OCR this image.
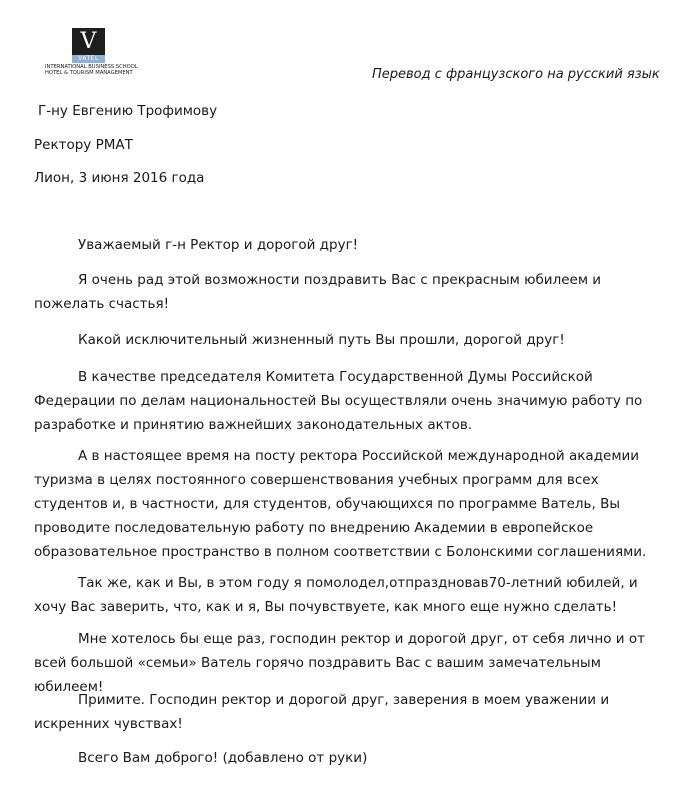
V
VATEL
INTERNATIONAL BUSINESS SCHOOL
HOTEL & TOURISM MANAGEMENT	Перевод с французского на русский язык
Г-ну Евгению Трофимову
Ректору РМАТ
Лион, 3 июня 2016 года

Уважаемый г-н Ректор и дорогой друг!

Я очень рад этой возможности поздравить Вас с прекрасным юбилеем и пожелать счастья!

Какой исключительный жизненный путь Вы прошли, дорогой друг!

В качестве председателя Комитета Государственной Думы Российской Федерации по делам национальностей Вы осуществляли очень значимую работу по разработке и принятию важнейших законодательных актов.

А в настоящее время на посту ректора Российской международной академии туризма в целях постоянного совершенствования учебных программ для всех студентов и, в частности, для студентов, обучающихся по программе Ватель, Вы проводите последовательную работу по внедрению Академии в европейское образовательное пространство в полном соответствии с Болонскими соглашениями.

Так же, как и Вы, в этом году я помолодел,отпраздновав70-летний юбилей, и хочу Вас заверить, что, как и я, Вы почувствуете, как много еще нужно сделать!

Мне хотелось бы еще раз, господин ректор и дорогой друг, от себя лично и от всей большой «семьи» Ватель горячо поздравить Вас с вашим замечательным юбилеем!

Примите. Господин ректор и дорогой друг, заверения в моем уважении и искренних чувствах!

Всего Вам доброго! (добавлено от руки)
